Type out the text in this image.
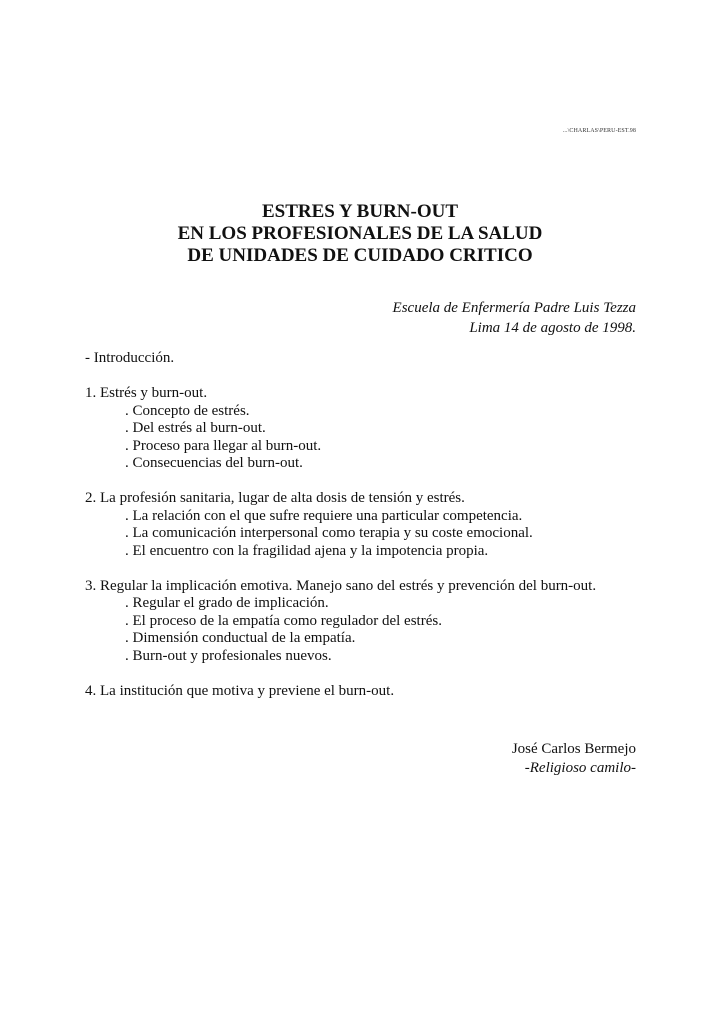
...\CHARLAS\PERU-EST.98
ESTRES Y BURN-OUT
EN LOS PROFESIONALES DE LA SALUD
DE UNIDADES DE CUIDADO CRITICO
Escuela de Enfermería Padre Luis Tezza
Lima 14 de agosto de 1998.
- Introducción.
1. Estrés y burn-out.
. Concepto de estrés.
. Del estrés al burn-out.
. Proceso para llegar al burn-out.
. Consecuencias del burn-out.
2. La profesión sanitaria, lugar de alta dosis de tensión y estrés.
. La relación con el que sufre requiere una particular competencia.
. La comunicación interpersonal como terapia y su coste emocional.
. El encuentro con la fragilidad ajena y la impotencia propia.
3. Regular la implicación emotiva. Manejo sano del estrés y prevención del burn-out.
. Regular el grado de implicación.
. El proceso de la empatía como regulador del estrés.
. Dimensión conductual de la empatía.
. Burn-out y profesionales nuevos.
4. La institución que motiva y previene el burn-out.
José Carlos Bermejo
-Religioso camilo-
